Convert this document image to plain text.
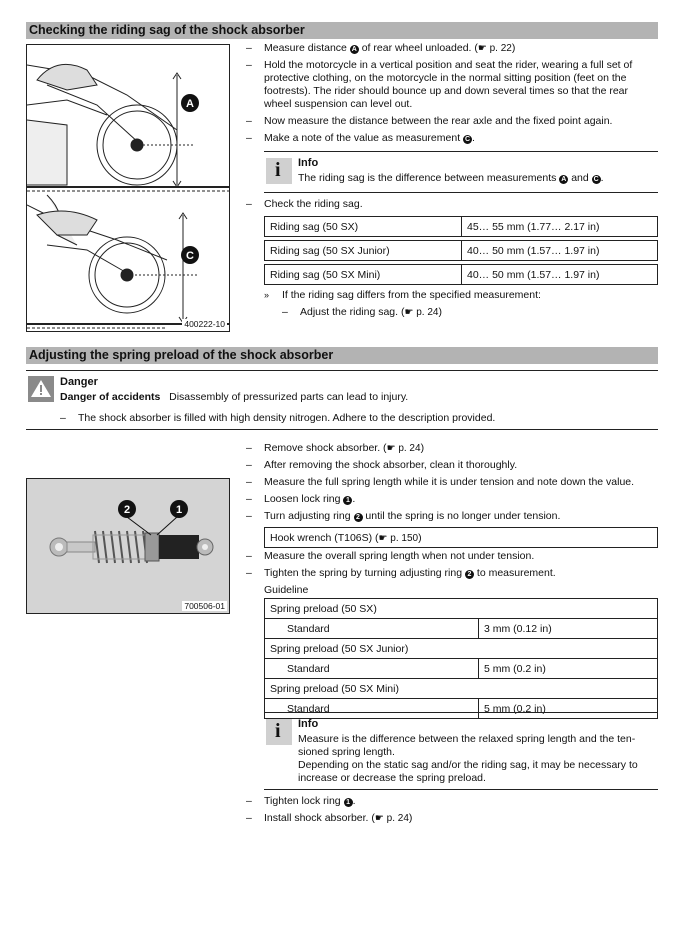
Checking the riding sag of the shock absorber
A
C
400222-10
– Measure distance A of rear wheel unloaded. (☛ p. 22)
– Hold the motorcycle in a vertical position and seat the rider, wearing a full set of protective clothing, on the motorcycle in the normal sitting position (feet on the footrests). The rider should bounce up and down several times so that the rear wheel suspension can level out.
– Now measure the distance between the rear axle and the fixed point again.
– Make a note of the value as measurement C .
i Info
The riding sag is the difference between measurements A and C .
– Check the riding sag.
Riding sag (50 SX)	45… 55 mm (1.77… 2.17 in)
Riding sag (50 SX Junior)	40… 50 mm (1.57… 1.97 in)
Riding sag (50 SX Mini)	40… 50 mm (1.57… 1.97 in)
» If the riding sag differs from the specified measurement:
– Adjust the riding sag. (☛ p. 24)
Adjusting the spring preload of the shock absorber
Danger
Danger of accidents Disassembly of pressurized parts can lead to injury.
– The shock absorber is filled with high density nitrogen. Adhere to the description provided.
2	1
700506-01
– Remove shock absorber. (☛ p. 24)
– After removing the shock absorber, clean it thoroughly.
– Measure the full spring length while it is under tension and note down the value.
– Loosen lock ring 1 .
– Turn adjusting ring 2 until the spring is no longer under tension.
Hook wrench (T106S) (☛ p. 150)
– Measure the overall spring length when not under tension.
– Tighten the spring by turning adjusting ring 2 to measurement.
Guideline
Spring preload (50 SX)	
Standard	3 mm (0.12 in)
Spring preload (50 SX Junior)	
Standard	5 mm (0.2 in)
Spring preload (50 SX Mini)	
Standard	5 mm (0.2 in)
i Info
Measure is the difference between the relaxed spring length and the ten-sioned spring length.
Depending on the static sag and/or the riding sag, it may be necessary to increase or decrease the spring preload.
– Tighten lock ring 1 .
– Install shock absorber. (☛ p. 24)
